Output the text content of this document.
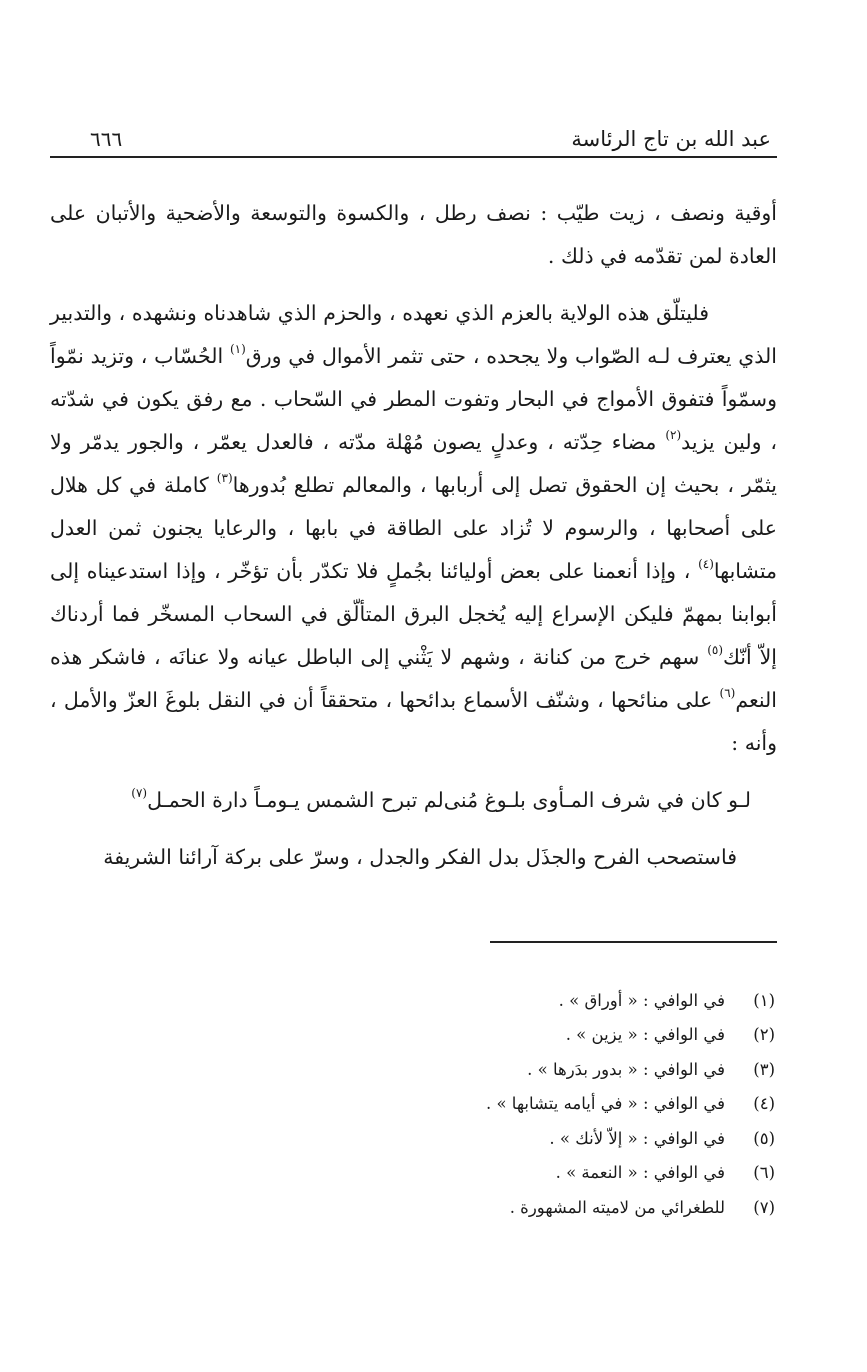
عبد الله بن تاج الرئاسة
٦٦٦

أوقية ونصف ، زيت طيّب : نصف رطل ، والكسوة والتوسعة والأضحية والأتبان على العادة لمن تقدّمه في ذلك .

فليتلّق هذه الولاية بالعزم الذي نعهده ، والحزم الذي شاهدناه ونشهده ، والتدبير الذي يعترف لـه الصّواب ولا يجحده ، حتى تثمر الأموال في ورق$^{(١)}$ الحُسّاب ، وتزيد نمّواً وسمّواً فتفوق الأمواج في البحار وتفوت المطر في السّحاب . مع رفق يكون في شدّته ، ولين يزيد$^{(٢)}$ مضاء حِدّته ، وعدلٍ يصون مُهْلة مدّته ، فالعدل يعمّر ، والجور يدمّر ولا يثمّر ، بحيث إن الحقوق تصل إلى أربابها ، والمعالم تطلع بُدورها$^{(٣)}$ كاملة في كل هلال على أصحابها ، والرسوم لا تُزاد على الطاقة في بابها ، والرعايا يجنون ثمن العدل متشابها$^{(٤)}$ ، وإذا أنعمنا على بعض أوليائنا بجُملٍ فلا تكدّر بأن تؤخّر ، وإذا استدعيناه إلى أبوابنا بمهمّ فليكن الإسراع إليه يُخجل البرق المتألّق في السحاب المسخّر فما أردناك إلاّ أنّك$^{(٥)}$ سهم خرج من كنانة ، وشهم لا يَثْني إلى الباطل عيانه ولا عنانَه ، فاشكر هذه النعم$^{(٦)}$ على منائحها ، وشنّف الأسماع بدائحها ، متحققاً أن في النقل بلوغَ العزّ والأمل ، وأنه :

لـو كان في شرف المـأوى بلـوغ مُنى
لم تبرح الشمس يـومـاً دارة الحمـل$^{(٧)}$

فاستصحب الفرح والجذَل بدل الفكر والجدل ، وسرّ على بركة آرائنا الشريفة

(١)
في الوافي : « أوراق » .
(٢)
في الوافي : « يزين » .
(٣)
في الوافي : « بدور بدَرها » .
(٤)
في الوافي : « في أيامه يتشابها » .
(٥)
في الوافي : « إلاّ لأنك » .
(٦)
في الوافي : « النعمة » .
(٧)
للطغرائي من لاميته المشهورة .
